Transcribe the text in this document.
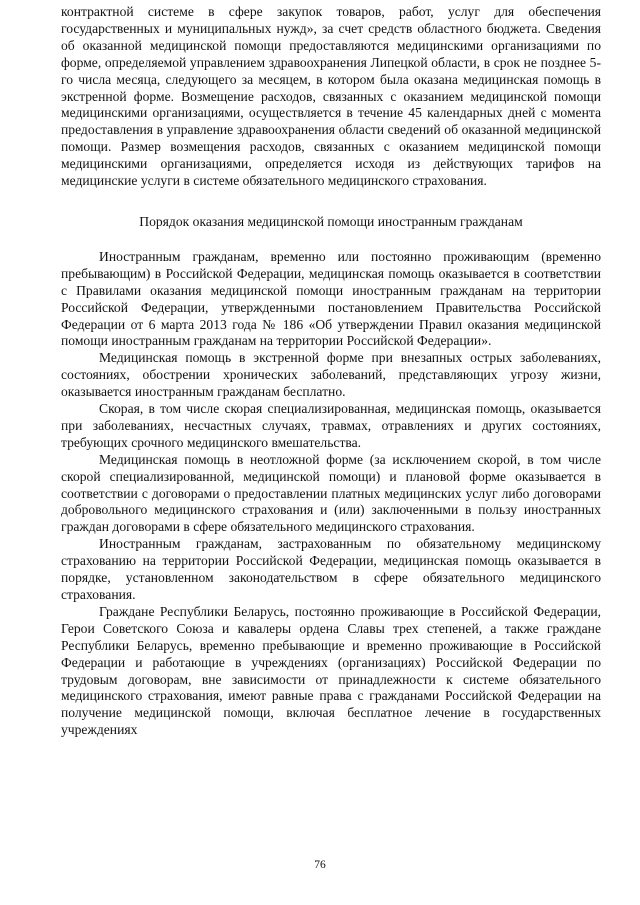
контрактной системе в сфере закупок товаров, работ, услуг для обеспечения государственных и муниципальных нужд», за счет средств областного бюджета. Сведения об оказанной медицинской помощи предоставляются медицинскими организациями по форме, определяемой управлением здравоохранения Липецкой области, в срок не позднее 5-го числа месяца, следующего за месяцем, в котором была оказана медицинская помощь в экстренной форме. Возмещение расходов, связанных с оказанием медицинской помощи медицинскими организациями, осуществляется в течение 45 календарных дней с момента предоставления в управление здравоохранения области сведений об оказанной медицинской помощи. Размер возмещения расходов, связанных с оказанием медицинской помощи медицинскими организациями, определяется исходя из действующих тарифов на медицинские услуги в системе обязательного медицинского страхования.

Порядок оказания медицинской помощи иностранным гражданам

Иностранным гражданам, временно или постоянно проживающим (временно пребывающим) в Российской Федерации, медицинская помощь оказывается в соответствии с Правилами оказания медицинской помощи иностранным гражданам на территории Российской Федерации, утвержденными постановлением Правительства Российской Федерации от 6 марта 2013 года № 186 «Об утверждении Правил оказания медицинской помощи иностранным гражданам на территории Российской Федерации».

Медицинская помощь в экстренной форме при внезапных острых заболеваниях, состояниях, обострении хронических заболеваний, представляющих угрозу жизни, оказывается иностранным гражданам бесплатно.

Скорая, в том числе скорая специализированная, медицинская помощь, оказывается при заболеваниях, несчастных случаях, травмах, отравлениях и других состояниях, требующих срочного медицинского вмешательства.

Медицинская помощь в неотложной форме (за исключением скорой, в том числе скорой специализированной, медицинской помощи) и плановой форме оказывается в соответствии с договорами о предоставлении платных медицинских услуг либо договорами добровольного медицинского страхования и (или) заключенными в пользу иностранных граждан договорами в сфере обязательного медицинского страхования.

Иностранным гражданам, застрахованным по обязательному медицинскому страхованию на территории Российской Федерации, медицинская помощь оказывается в порядке, установленном законодательством в сфере обязательного медицинского страхования.

Граждане Республики Беларусь, постоянно проживающие в Российской Федерации, Герои Советского Союза и кавалеры ордена Славы трех степеней, а также граждане Республики Беларусь, временно пребывающие и временно проживающие в Российской Федерации и работающие в учреждениях (организациях) Российской Федерации по трудовым договорам, вне зависимости от принадлежности к системе обязательного медицинского страхования, имеют равные права с гражданами Российской Федерации на получение медицинской помощи, включая бесплатное лечение в государственных учреждениях

76
